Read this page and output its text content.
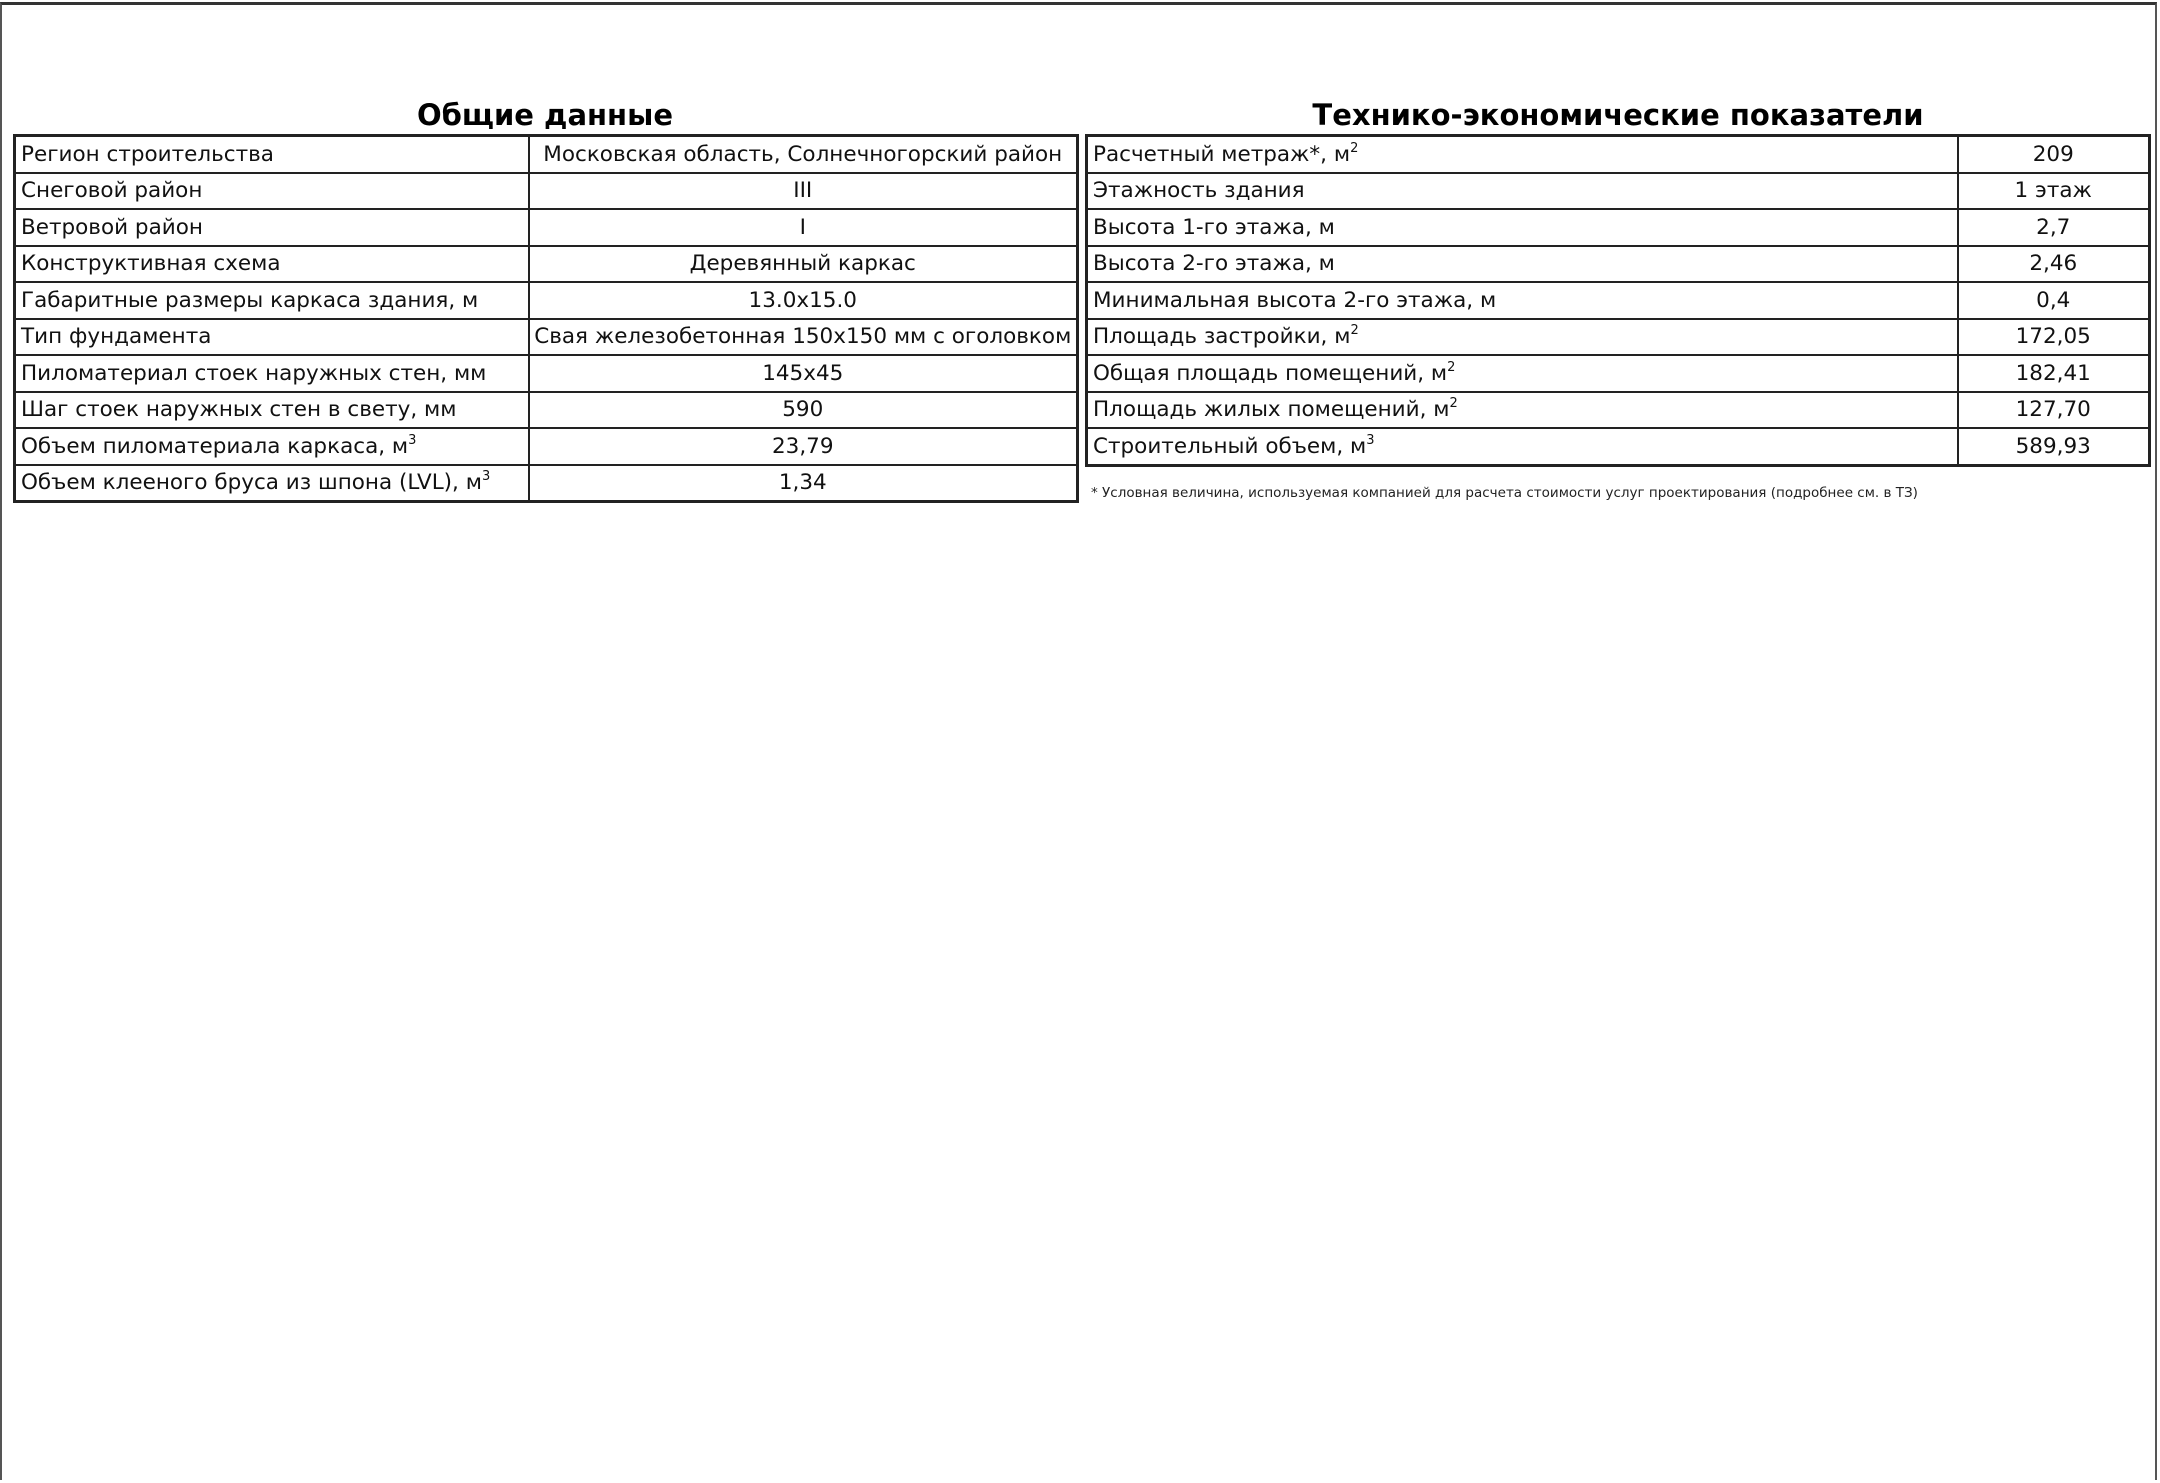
Общие данные	Технико-экономические показатели
Регион строительства	Московская область, Солнечногорский район
Снеговой район	III
Ветровой район	I
Конструктивная схема	Деревянный каркас
Габаритные размеры каркаса здания, м	13.0x15.0
Тип фундамента	Свая железобетонная 150x150 мм с оголовком
Пиломатериал стоек наружных стен, мм	145x45
Шаг стоек наружных стен в свету, мм	590
Объем пиломатериала каркаса, $м^3$	23,79
Объем клееного бруса из шпона (LVL), $м^3$	1,34
Расчетный метраж*, $м^2$	209
Этажность здания	1 этаж
Высота 1-го этажа, м	2,7
Высота 2-го этажа, м	2,46
Минимальная высота 2-го этажа, м	0,4
Площадь застройки, $м^2$	172,05
Общая площадь помещений, $м^2$	182,41
Площадь жилых помещений, $м^2$	127,70
Строительный объем, $м^3$	589,93
* Условная величина, используемая компанией для расчета стоимости услуг проектирования (подробнее см. в ТЗ)
